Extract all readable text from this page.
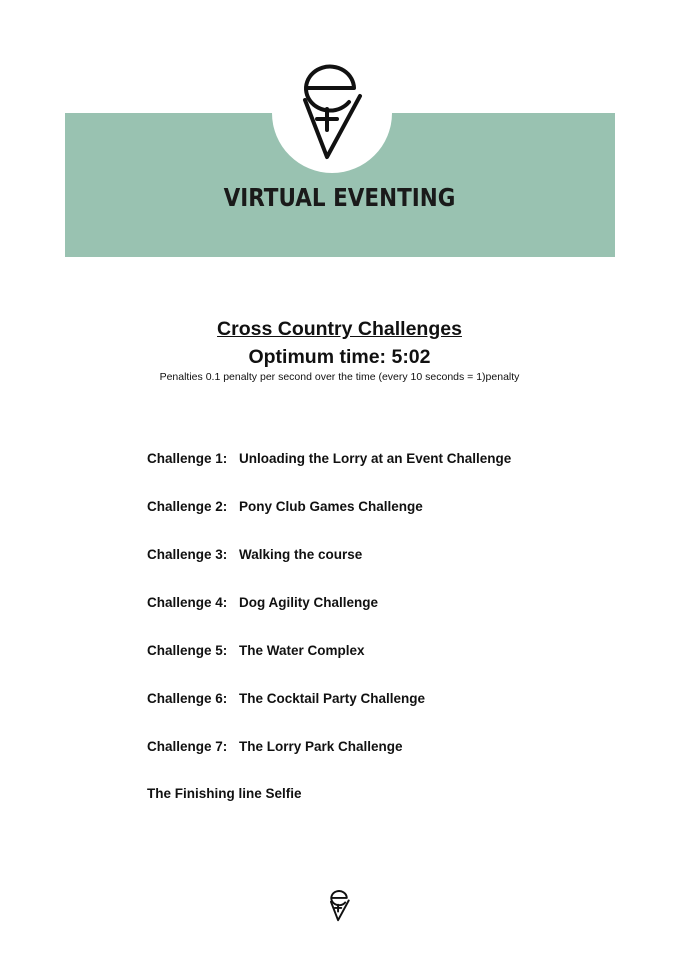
VIRTUAL EVENTING
Cross Country Challenges
Optimum time: 5:02
Penalties 0.1 penalty per second over the time (every 10 seconds = 1)penalty
Challenge 1: Unloading the Lorry at an Event Challenge
Challenge 2: Pony Club Games Challenge
Challenge 3: Walking the course
Challenge 4: Dog Agility Challenge
Challenge 5: The Water Complex
Challenge 6: The Cocktail Party Challenge
Challenge 7: The Lorry Park Challenge
The Finishing line Selfie
